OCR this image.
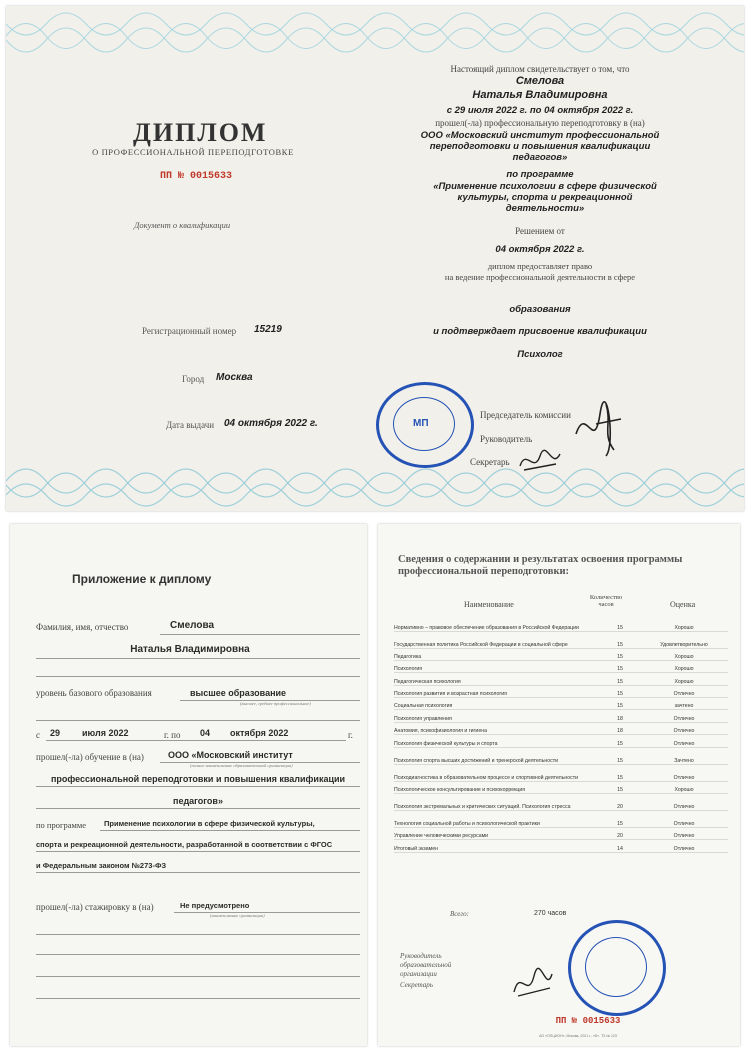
ДИПЛОМ
О ПРОФЕССИОНАЛЬНОЙ ПЕРЕПОДГОТОВКЕ
ПП № 0015633
Документ о квалификации
Регистрационный номер 15219
Город Москва
Дата выдачи 04 октября 2022 г.
Настоящий диплом свидетельствует о том, что
Смелова
Наталья Владимировна
с 29 июля 2022 г. по 04 октября 2022 г.
прошел(-ла) профессиональную переподготовку в (на)
ООО «Московский институт профессиональной переподготовки и повышения квалификации педагогов»
по программе
«Применение психологии в сфере физической культуры, спорта и рекреационной деятельности»
Решением от
04 октября 2022 г.
диплом предоставляет право
на ведение профессиональной деятельности в сфере
образования
и подтверждает присвоение квалификации
Психолог
Председатель комиссии
Руководитель
Секретарь
МП
Приложение к диплому
Фамилия, имя, отчество	Смелова
Наталья Владимировна
уровень базового образования	высшее образование
(высшее, среднее профессиональное)
с 29 июля 2022	г. по 04 октября 2022	г.
прошел(-ла) обучение в (на)	ООО «Московский институт
(полное наименование образовательной организации)
профессиональной переподготовки и повышения квалификации
педагогов»
по программе Применение психологии в сфере физической культуры,
спорта и рекреационной деятельности, разработанной в соответствии с ФГОС
и Федеральным законом №273-ФЗ
прошел(-ла) стажировку в (на)	Не предусмотрено
(наименование организации)
Сведения о содержании и результатах освоения программы профессиональной переподготовки:
Наименование
Количество часов	Оценка
Нормативно – правовое обеспечение образования в Российской Федерации	15	Хорошо
Государственная политика Российской Федерации в социальной сфере	15	Удовлетворительно
Педагогика	15	Хорошо
Психология	15	Хорошо
Педагогическая психология	15	Хорошо
Психология развития и возрастная психология	15	Отлично
Социальная психология	15	зачтено
Психология управления	18	Отлично
Анатомия, психофизиология и гигиена	18	Отлично
Психология физической культуры и спорта	15	Отлично
Психология спорта высших достижений и тренерской деятельности	15	Зачтено
Психодиагностика в образовательном процессе и спортивной деятельности	15	Отлично
Психологическое консультирование и психокоррекция	15	Хорошо
Психология экстремальных и критических ситуаций. Психология стресса	20	Отлично
Технология социальной работы и психологической практики	15	Отлично
Управление человеческими ресурсами	20	Отлично
Итоговый экзамен	14	Отлично
Всего:	270 часов
Руководитель образовательной организации
Секретарь
ПП № 0015633
АО «ОПЦИОН», Москва, 2021 г., «Б». ТЗ № 123
